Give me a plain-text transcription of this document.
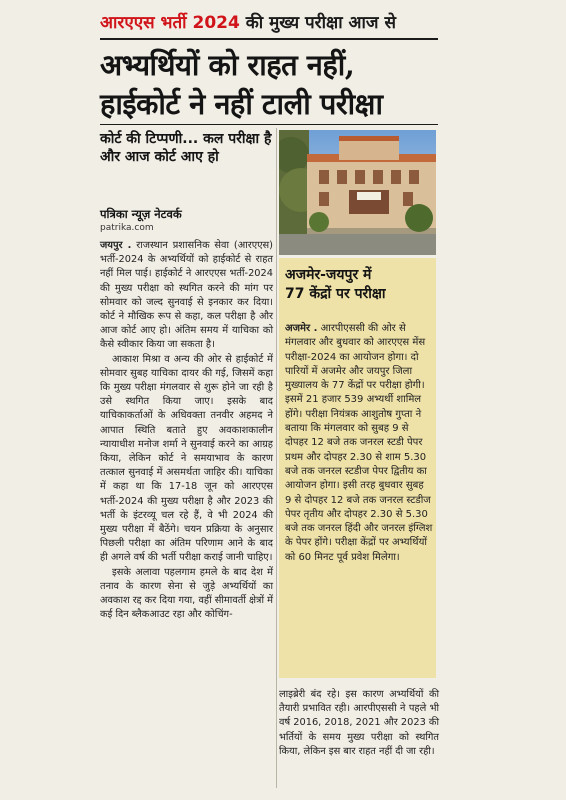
आरएएस भर्ती 2024 की मुख्य परीक्षा आज से
अभ्यर्थियों को राहत नहीं,
हाईकोर्ट ने नहीं टाली परीक्षा
कोर्ट की टिप्पणी... कल परीक्षा है और आज कोर्ट आए हो
पत्रिका न्यूज़ नेटवर्क
patrika.com

जयपुर . राजस्थान प्रशासनिक सेवा (आरएएस) भर्ती-2024 के अभ्यर्थियों को हाईकोर्ट से राहत नहीं मिल पाई। हाईकोर्ट ने आरएएस भर्ती-2024 की मुख्य परीक्षा को स्थगित करने की मांग पर सोमवार को जल्द सुनवाई से इनकार कर दिया। कोर्ट ने मौखिक रूप से कहा, कल परीक्षा है और आज कोर्ट आए हो। अंतिम समय में याचिका को कैसे स्वीकार किया जा सकता है।

आकाश मिश्रा व अन्य की ओर से हाईकोर्ट में सोमवार सुबह याचिका दायर की गई, जिसमें कहा कि मुख्य परीक्षा मंगलवार से शुरू होने जा रही है उसे स्थगित किया जाए। इसके बाद याचिकाकर्ताओं के अधिवक्ता तनवीर अहमद ने आपात स्थिति बताते हुए अवकाशकालीन न्यायाधीश मनोज शर्मा ने सुनवाई करने का आग्रह किया, लेकिन कोर्ट ने समयाभाव के कारण तत्काल सुनवाई में असमर्थता जाहिर की। याचिका में कहा था कि 17-18 जून को आरएएस भर्ती-2024 की मुख्य परीक्षा है और 2023 की भर्ती के इंटरव्यू चल रहे हैं, वे भी 2024 की मुख्य परीक्षा में बैठेंगे। चयन प्रक्रिया के अनुसार पिछली परीक्षा का अंतिम परिणाम आने के बाद ही अगले वर्ष की भर्ती परीक्षा कराई जानी चाहिए।

इसके अलावा पहलगाम हमले के बाद देश में तनाव के कारण सेना से जुड़े अभ्यर्थियों का अवकाश रद्द कर दिया गया, वहीं सीमावर्ती क्षेत्रों में कई दिन ब्लैकआउट रहा और कोचिंग-

अजमेर-जयपुर में
77 केंद्रों पर परीक्षा

अजमेर . आरपीएससी की ओर से मंगलवार और बुधवार को आरएएस मेंस परीक्षा-2024 का आयोजन होगा। दो पारियों में अजमेर और जयपुर जिला मुख्यालय के 77 केंद्रों पर परीक्षा होगी। इसमें 21 हजार 539 अभ्यर्थी शामिल होंगे। परीक्षा नियंत्रक आशुतोष गुप्ता ने बताया कि मंगलवार को सुबह 9 से दोपहर 12 बजे तक जनरल स्टडी पेपर प्रथम और दोपहर 2.30 से शाम 5.30 बजे तक जनरल स्टडीज पेपर द्वितीय का आयोजन होगा। इसी तरह बुधवार सुबह 9 से दोपहर 12 बजे तक जनरल स्टडीज पेपर तृतीय और दोपहर 2.30 से 5.30 बजे तक जनरल हिंदी और जनरल इंग्लिश के पेपर होंगे। परीक्षा केंद्रों पर अभ्यर्थियों को 60 मिनट पूर्व प्रवेश मिलेगा।

लाइब्रेरी बंद रहे। इस कारण अभ्यर्थियों की तैयारी प्रभावित रही। आरपीएससी ने पहले भी वर्ष 2016, 2018, 2021 और 2023 की भर्तियों के समय मुख्य परीक्षा को स्थगित किया, लेकिन इस बार राहत नहीं दी जा रही।
